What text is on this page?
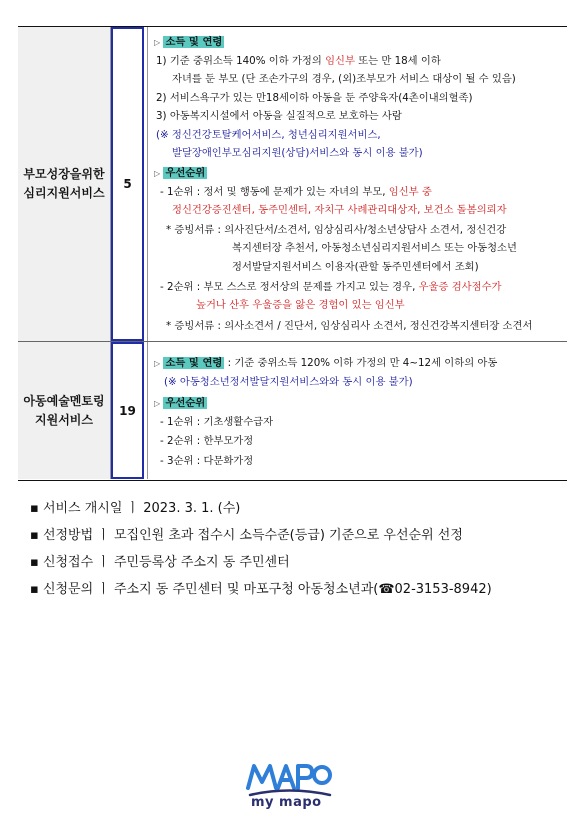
부모성장을위한
심리지원서비스
5
▷ 소득 및 연령
1) 기준 중위소득 140% 이하 가정의 임신부 또는 만 18세 이하
자녀를 둔 부모 (단 조손가구의 경우, (외)조부모가 서비스 대상이 될 수 있음)
2) 서비스욕구가 있는 만18세이하 아동을 둔 주양육자(4촌이내의혈족)
3) 아동복지시설에서 아동을 실질적으로 보호하는 사람
(※ 정신건강토탈케어서비스, 청년심리지원서비스,
발달장애인부모심리지원(상담)서비스와 동시 이용 불가)
▷ 우선순위
- 1순위 : 정서 및 행동에 문제가 있는 자녀의 부모, 임신부 중
정신건강증진센터, 동주민센터, 자치구 사례관리대상자, 보건소 돌봄의뢰자
* 증빙서류 : 의사진단서/소견서, 임상심리사/청소년상담사 소견서, 정신건강
복지센터장 추천서, 아동청소년심리지원서비스 또는 아동청소년
정서발달지원서비스 이용자(관할 동주민센터에서 조회)
- 2순위 : 부모 스스로 정서상의 문제를 가지고 있는 경우, 우울증 검사점수가
높거나 산후 우울증을 앓은 경험이 있는 임신부
* 증빙서류 : 의사소견서 / 진단서, 임상심리사 소견서, 정신건강복지센터장 소견서
아동예술멘토링
지원서비스
19
▷ 소득 및 연령 : 기준 중위소득 120% 이하 가정의 만 4~12세 이하의 아동
(※ 아동청소년정서발달지원서비스와와 동시 이용 불가)
▷ 우선순위
- 1순위 : 기초생활수급자
- 2순위 : 한부모가정
- 3순위 : 다문화가정
▪ 서비스 개시일 ㅣ 2023. 3. 1. (수)
▪ 선정방법 ㅣ 모집인원 초과 접수시 소득수준(등급) 기준으로 우선순위 선정
▪ 신청접수 ㅣ 주민등록상 주소지 동 주민센터
▪ 신청문의 ㅣ 주소지 동 주민센터 및 마포구청 아동청소년과(☎02-3153-8942)
my mapo
